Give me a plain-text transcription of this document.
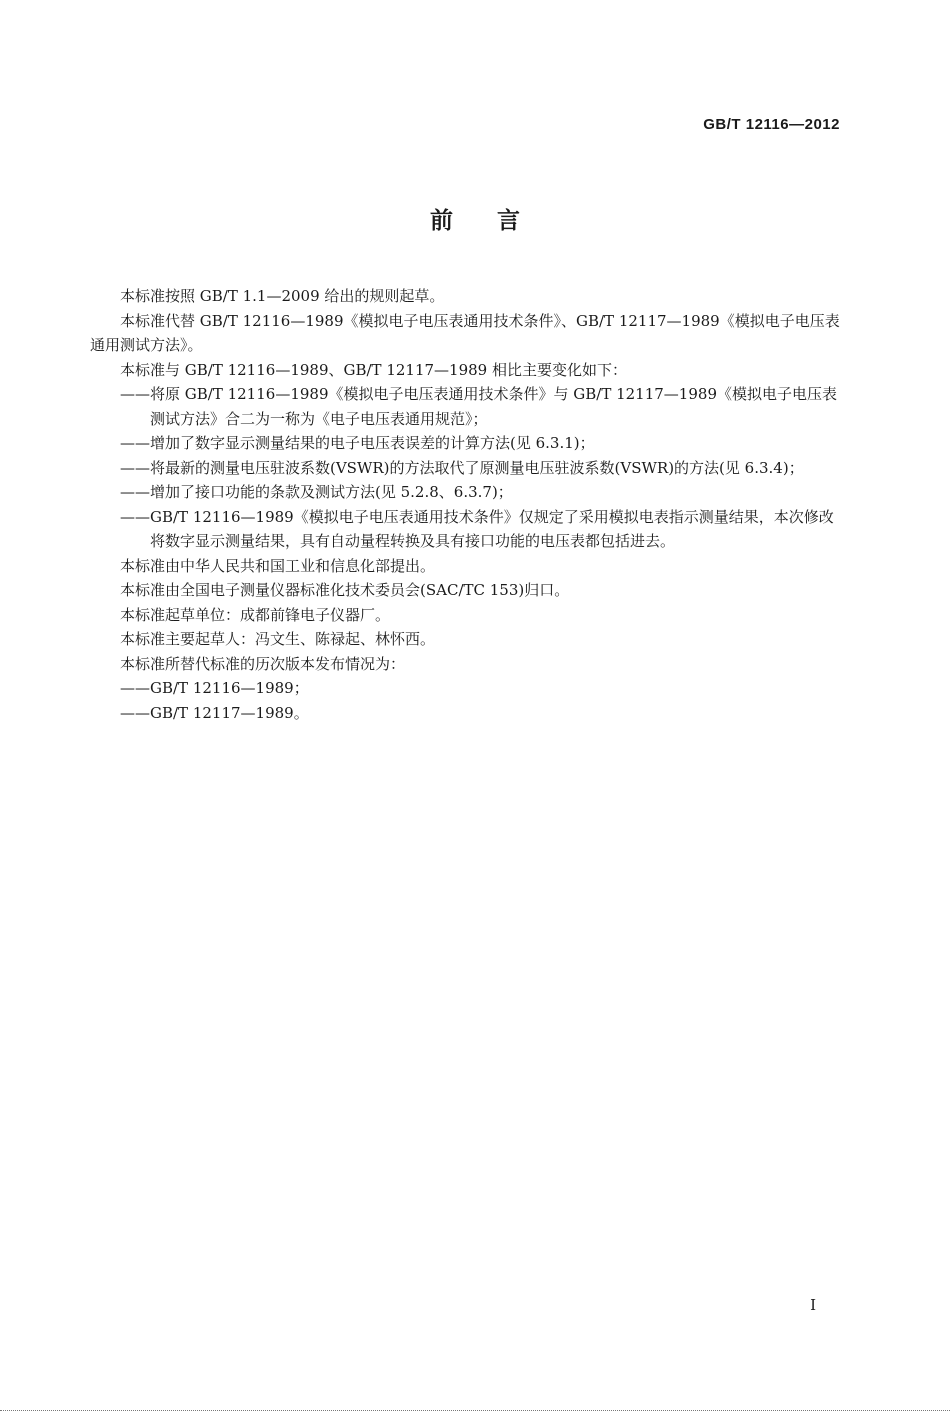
GB/T 12116—2012
前言

本标准按照 GB/T 1.1—2009 给出的规则起草。

本标准代替 GB/T 12116—1989《模拟电子电压表通用技术条件》、GB/T 12117—1989《模拟电子电压表通用测试方法》。

本标准与 GB/T 12116—1989、GB/T 12117—1989 相比主要变化如下：

——将原 GB/T 12116—1989《模拟电子电压表通用技术条件》与 GB/T 12117—1989《模拟电子电压表测试方法》合二为一称为《电子电压表通用规范》；

——增加了数字显示测量结果的电子电压表误差的计算方法(见 6.3.1)；

——将最新的测量电压驻波系数(VSWR)的方法取代了原测量电压驻波系数(VSWR)的方法(见 6.3.4)；

——增加了接口功能的条款及测试方法(见 5.2.8、6.3.7)；

——GB/T 12116—1989《模拟电子电压表通用技术条件》仅规定了采用模拟电表指示测量结果，本次修改将数字显示测量结果，具有自动量程转换及具有接口功能的电压表都包括进去。

本标准由中华人民共和国工业和信息化部提出。

本标准由全国电子测量仪器标准化技术委员会(SAC/TC 153)归口。

本标准起草单位：成都前锋电子仪器厂。

本标准主要起草人：冯文生、陈禄起、林怀西。

本标准所替代标准的历次版本发布情况为：

——GB/T 12116—1989；

——GB/T 12117—1989。

I
